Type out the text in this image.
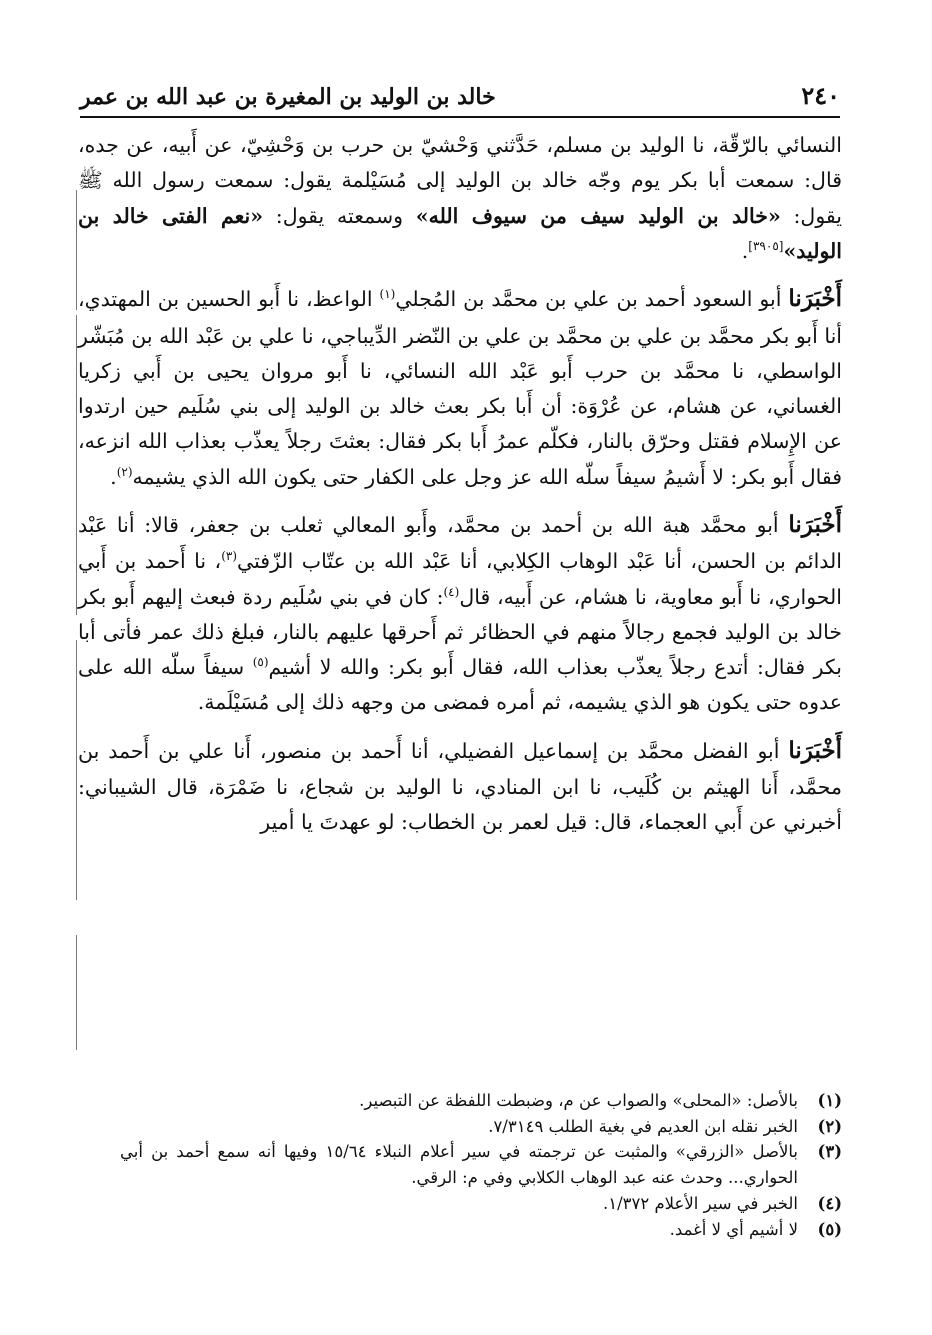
٢٤٠
خالد بن الوليد بن المغيرة بن عبد الله بن عمر

النسائي بالرّقّة، نا الوليد بن مسلم، حَدَّثني وَحْشيّ بن حرب بن وَحْشِيّ، عن أَبيه، عن جده، قال: سمعت أبا بكر يوم وجّه خالد بن الوليد إلى مُسَيْلمة يقول: سمعت رسول الله ﷺ يقول: «خالد بن الوليد سيف من سيوف الله» وسمعته يقول: «نعم الفتى خالد بن الوليد»[٣٩٠٥].

أَخْبَرَنا أبو السعود أحمد بن علي بن محمَّد بن المُجلي$^{(١)}$ الواعظ، نا أَبو الحسين بن المهتدي، أنا أَبو بكر محمَّد بن علي بن محمَّد بن علي بن النّضر الدِّيباجي، نا علي بن عَبْد الله بن مُبَشّر الواسطي، نا محمَّد بن حرب أَبو عَبْد الله النسائي، نا أَبو مروان يحيى بن أَبي زكريا الغساني، عن هشام، عن عُرْوَة: أن أَبا بكر بعث خالد بن الوليد إلى بني سُلَيم حين ارتدوا عن الإِسلام فقتل وحرّق بالنار، فكلّم عمرُ أَبا بكر فقال: بعثتَ رجلاً يعذّب بعذاب الله انزعه، فقال أَبو بكر: لا أَشيمُ سيفاً سلّه الله عز وجل على الكفار حتى يكون الله الذي يشيمه$^{(٢)}$.

أَخْبَرَنا أبو محمَّد هبة الله بن أحمد بن محمَّد، وأَبو المعالي ثعلب بن جعفر، قالا: أنا عَبْد الدائم بن الحسن، أنا عَبْد الوهاب الكِلابي، أنا عَبْد الله بن عتّاب الزّفتي$^{(٣)}$، نا أَحمد بن أَبي الحواري، نا أَبو معاوية، نا هشام، عن أَبيه، قال$^{(٤)}$: كان في بني سُلَيم ردة فبعث إليهم أَبو بكر خالد بن الوليد فجمع رجالاً منهم في الحظائر ثم أَحرقها عليهم بالنار، فبلغ ذلك عمر فأتى أبا بكر فقال: أتدع رجلاً يعذّب بعذاب الله، فقال أَبو بكر: والله لا أشيم$^{(٥)}$ سيفاً سلّه الله على عدوه حتى يكون هو الذي يشيمه، ثم أمره فمضى من وجهه ذلك إلى مُسَيْلَمة.

أَخْبَرَنا أبو الفضل محمَّد بن إسماعيل الفضيلي، أنا أَحمد بن منصور، أَنا علي بن أَحمد بن محمَّد، أَنا الهيثم بن كُلَيب، نا ابن المنادي، نا الوليد بن شجاع، نا ضَمْرَة، قال الشيباني: أخبرني عن أَبي العجماء، قال: قيل لعمر بن الخطاب: لو عهدتَ يا أمير

(١)
بالأصل: «المحلى» والصواب عن م، وضبطت اللفظة عن التبصير.
(٢)
الخبر نقله ابن العديم في بغية الطلب ٧/٣١٤٩.
(٣)
بالأصل «الزرقي» والمثبت عن ترجمته في سير أعلام النبلاء ١٥/٦٤ وفيها أنه سمع أحمد بن أبي الحواري... وحدث عنه عبد الوهاب الكلابي وفي م: الرقي.
(٤)
الخبر في سير الأعلام ١/٣٧٢.
(٥)
لا أشيم أي لا أغمد.
